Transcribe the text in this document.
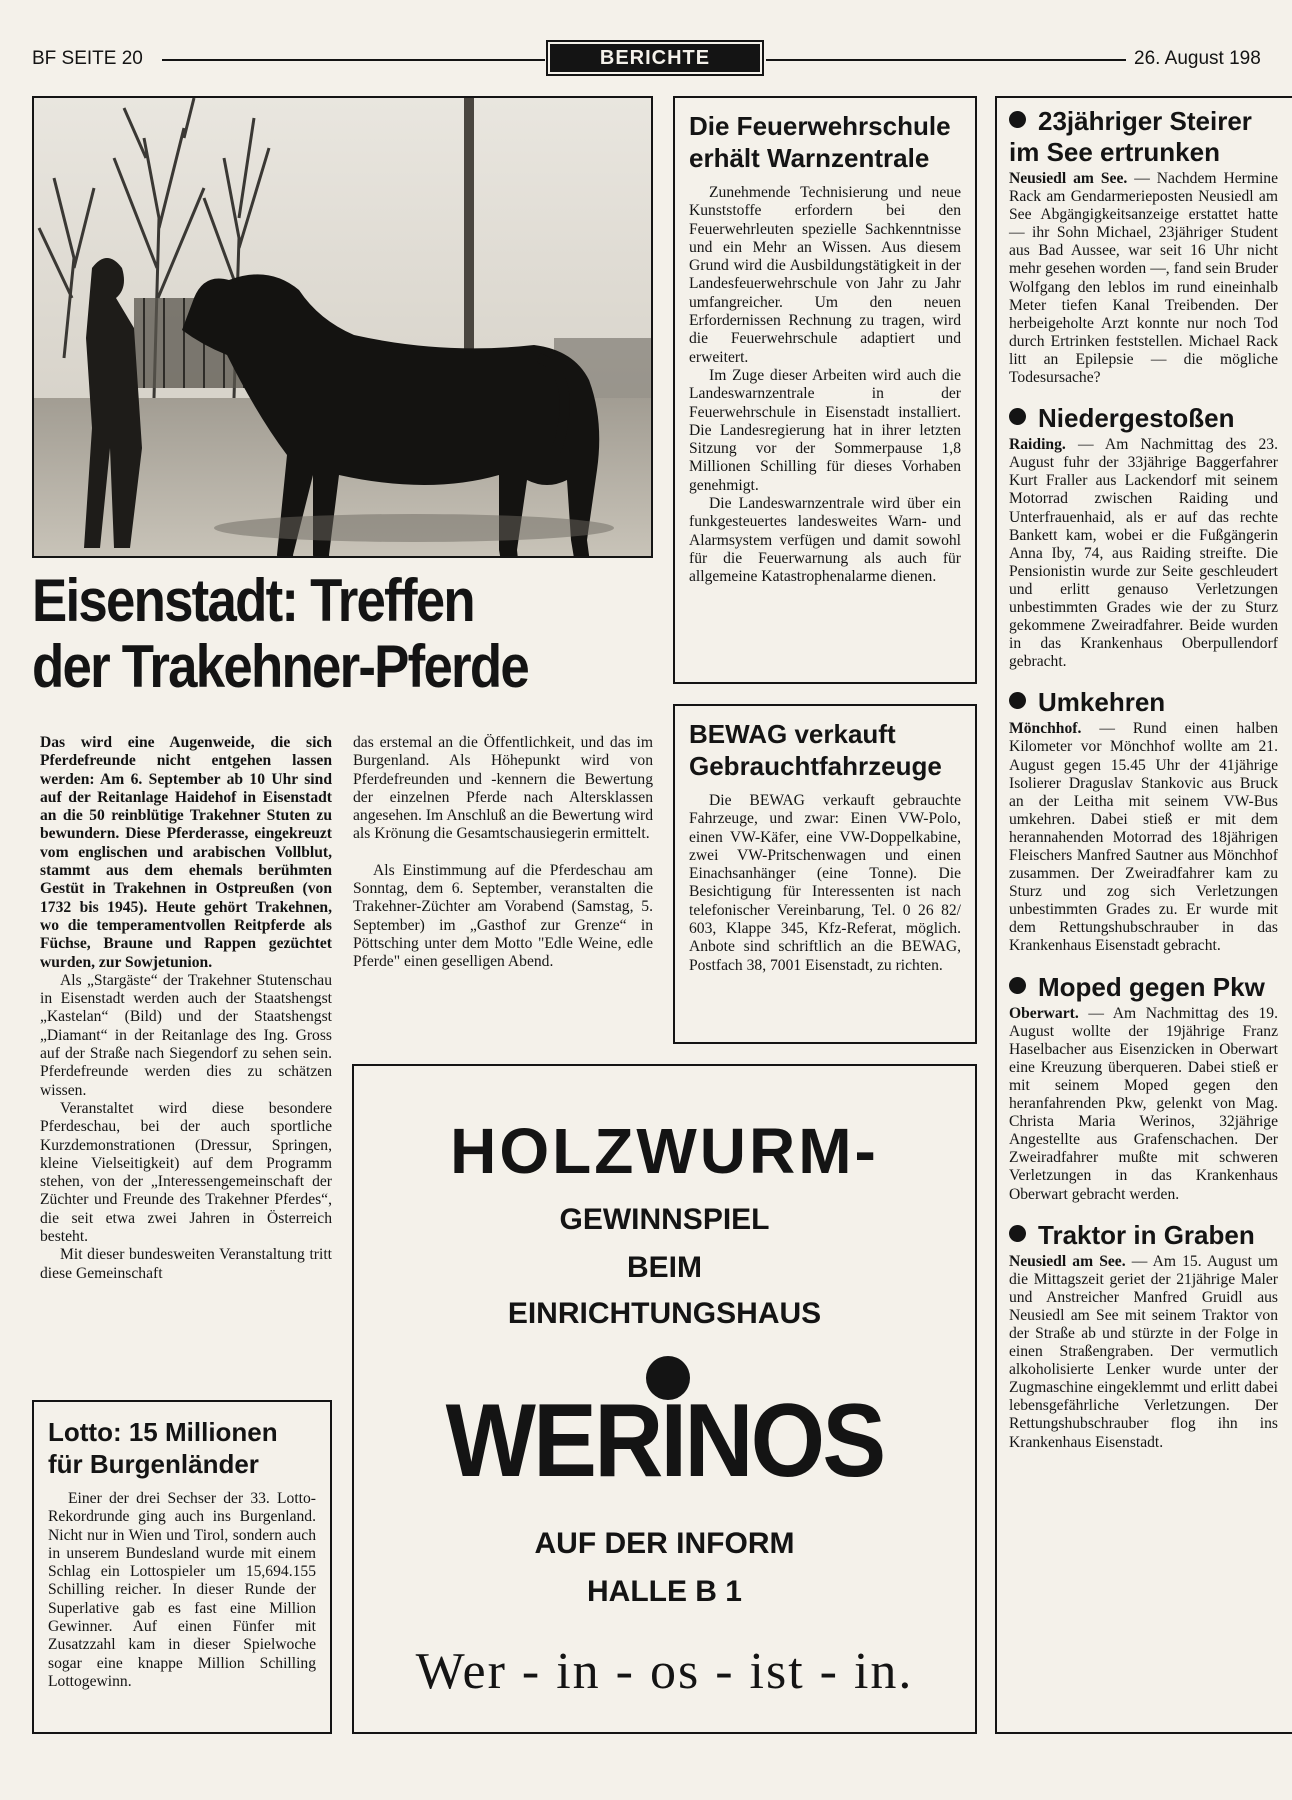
BF SEITE 20	BERICHTE	26. August 198
Eisenstadt: Treffen
der Trakehner-Pferde

Das wird eine Augenweide, die sich Pferdefreunde nicht entgehen lassen werden: Am 6. September ab 10 Uhr sind auf der Reitanlage Haidehof in Eisenstadt an die 50 reinblütige Trakehner Stuten zu bewundern. Diese Pferderasse, eingekreuzt vom englischen und arabischen Vollblut, stammt aus dem ehemals berühmten Gestüt in Trakehnen in Ostpreußen (von 1732 bis 1945). Heute gehört Trakehnen, wo die temperamentvollen Reitpferde als Füchse, Braune und Rappen gezüchtet wurden, zur Sowjetunion.

Als „Stargäste“ der Trakehner Stutenschau in Eisenstadt werden auch der Staatshengst „Kastelan“ (Bild) und der Staatshengst „Diamant“ in der Reitanlage des Ing. Gross auf der Straße nach Siegendorf zu sehen sein. Pferdefreunde werden dies zu schätzen wissen.

Veranstaltet wird diese besondere Pferdeschau, bei der auch sportliche Kurzdemonstrationen (Dressur, Springen, kleine Vielseitigkeit) auf dem Programm stehen, von der „Interessengemeinschaft der Züchter und Freunde des Trakehner Pferdes“, die seit etwa zwei Jahren in Österreich besteht.

Mit dieser bundesweiten Veranstaltung tritt diese Gemeinschaft

das erstemal an die Öffentlichkeit, und das im Burgenland. Als Höhepunkt wird von Pferdefreunden und -kennern die Bewertung der einzelnen Pferde nach Altersklassen angesehen. Im Anschluß an die Bewertung wird als Krönung die Gesamtschausiegerin ermittelt.

Als Einstimmung auf die Pferdeschau am Sonntag, dem 6. September, veranstalten die Trakehner-Züchter am Vorabend (Samstag, 5. September) im „Gasthof zur Grenze“ in Pöttsching unter dem Motto "Edle Weine, edle Pferde" einen geselligen Abend.

Die Feuerwehrschule
erhält Warnzentrale

Zunehmende Technisierung und neue Kunststoffe erfordern bei den Feuerwehrleuten spezielle Sachkenntnisse und ein Mehr an Wissen. Aus diesem Grund wird die Ausbildungstätigkeit in der Landesfeuerwehrschule von Jahr zu Jahr umfangreicher. Um den neuen Erfordernissen Rechnung zu tragen, wird die Feuerwehrschule adaptiert und erweitert.

Im Zuge dieser Arbeiten wird auch die Landeswarnzentrale in der Feuerwehrschule in Eisenstadt installiert. Die Landesregierung hat in ihrer letzten Sitzung vor der Sommerpause 1,8 Millionen Schilling für dieses Vorhaben genehmigt.

Die Landeswarnzentrale wird über ein funkgesteuertes landesweites Warn- und Alarmsystem verfügen und damit sowohl für die Feuerwarnung als auch für allgemeine Katastrophenalarme dienen.

BEWAG verkauft
Gebrauchtfahrzeuge

Die BEWAG verkauft gebrauchte Fahrzeuge, und zwar: Einen VW-Polo, einen VW-Käfer, eine VW-Doppelkabine, zwei VW-Pritschenwagen und einen Einachsanhänger (eine Tonne). Die Besichtigung für Interessenten ist nach telefonischer Vereinbarung, Tel. 0 26 82/ 603, Klappe 345, Kfz-Referat, möglich. Anbote sind schriftlich an die BEWAG, Postfach 38, 7001 Eisenstadt, zu richten.

Lotto: 15 Millionen
für Burgenländer

Einer der drei Sechser der 33. Lotto-Rekordrunde ging auch ins Burgenland. Nicht nur in Wien und Tirol, sondern auch in unserem Bundesland wurde mit einem Schlag ein Lottospieler um 15,694.155 Schilling reicher. In dieser Runde der Superlative gab es fast eine Million Gewinner. Auf einen Fünfer mit Zusatzzahl kam in dieser Spielwoche sogar eine knappe Million Schilling Lottogewinn.

HOLZWURM-
GEWINNSPIEL
BEIM
EINRICHTUNGSHAUS
WERINOS
AUF DER INFORM
HALLE B 1
Wer - in - os - ist - in.
23jähriger Steirer
im See ertrunken

Neusiedl am See. — Nachdem Hermine Rack am Gendarmerieposten Neusiedl am See Abgängigkeitsanzeige erstattet hatte — ihr Sohn Michael, 23jähriger Student aus Bad Aussee, war seit 16 Uhr nicht mehr gesehen worden —, fand sein Bruder Wolfgang den leblos im rund eineinhalb Meter tiefen Kanal Treibenden. Der herbeigeholte Arzt konnte nur noch Tod durch Ertrinken feststellen. Michael Rack litt an Epilepsie — die mögliche Todesursache?

Niedergestoßen

Raiding. — Am Nachmittag des 23. August fuhr der 33jährige Baggerfahrer Kurt Fraller aus Lackendorf mit seinem Motorrad zwischen Raiding und Unterfrauenhaid, als er auf das rechte Bankett kam, wobei er die Fußgängerin Anna Iby, 74, aus Raiding streifte. Die Pensionistin wurde zur Seite geschleudert und erlitt genauso Verletzungen unbestimmten Grades wie der zu Sturz gekommene Zweiradfahrer. Beide wurden in das Krankenhaus Oberpullendorf gebracht.

Umkehren

Mönchhof. — Rund einen halben Kilometer vor Mönchhof wollte am 21. August gegen 15.45 Uhr der 41jährige Isolierer Draguslav Stankovic aus Bruck an der Leitha mit seinem VW-Bus umkehren. Dabei stieß er mit dem herannahenden Motorrad des 18jährigen Fleischers Manfred Sautner aus Mönchhof zusammen. Der Zweiradfahrer kam zu Sturz und zog sich Verletzungen unbestimmten Grades zu. Er wurde mit dem Rettungshubschrauber in das Krankenhaus Eisenstadt gebracht.

Moped gegen Pkw

Oberwart. — Am Nachmittag des 19. August wollte der 19jährige Franz Haselbacher aus Eisenzicken in Oberwart eine Kreuzung überqueren. Dabei stieß er mit seinem Moped gegen den heranfahrenden Pkw, gelenkt von Mag. Christa Maria Werinos, 32jährige Angestellte aus Grafenschachen. Der Zweiradfahrer mußte mit schweren Verletzungen in das Krankenhaus Oberwart gebracht werden.

Traktor in Graben

Neusiedl am See. — Am 15. August um die Mittagszeit geriet der 21jährige Maler und Anstreicher Manfred Gruidl aus Neusiedl am See mit seinem Traktor von der Straße ab und stürzte in der Folge in einen Straßengraben. Der vermutlich alkoholisierte Lenker wurde unter der Zugmaschine eingeklemmt und erlitt dabei lebensgefährliche Verletzungen. Der Rettungshubschrauber flog ihn ins Krankenhaus Eisenstadt.
